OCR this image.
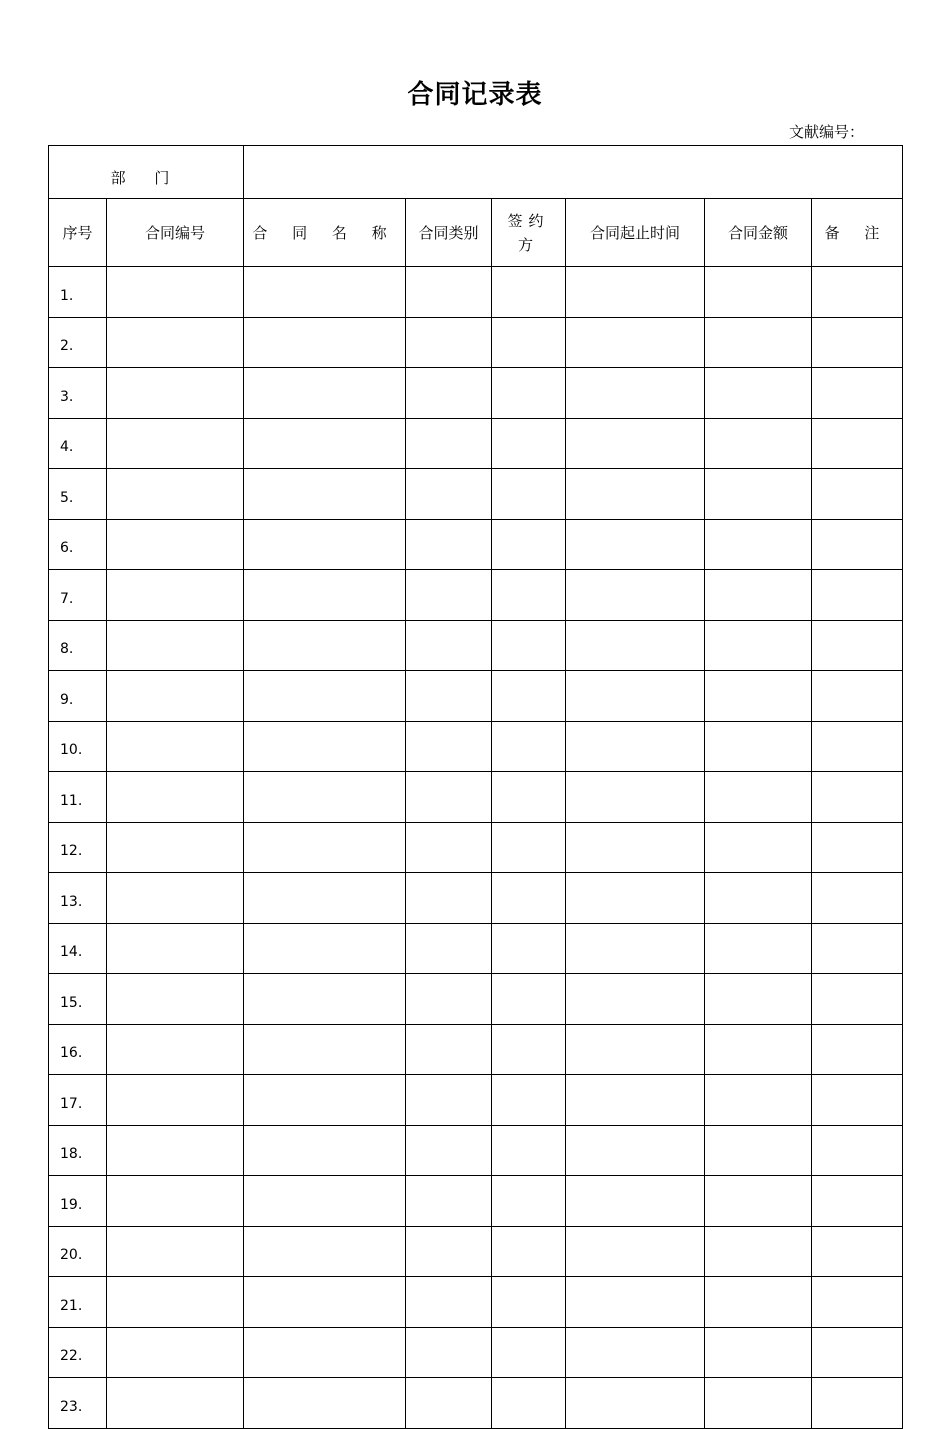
合同记录表
文献编号：
部 门							
序号	合同编号	合 同 名 称	合同类别	签约方	合同起止时间	合同金额	备 注
1.							
2.							
3.							
4.							
5.							
6.							
7.							
8.							
9.							
10.							
11.							
12.							
13.							
14.							
15.							
16.							
17.							
18.							
19.							
20.							
21.							
22.							
23.							
